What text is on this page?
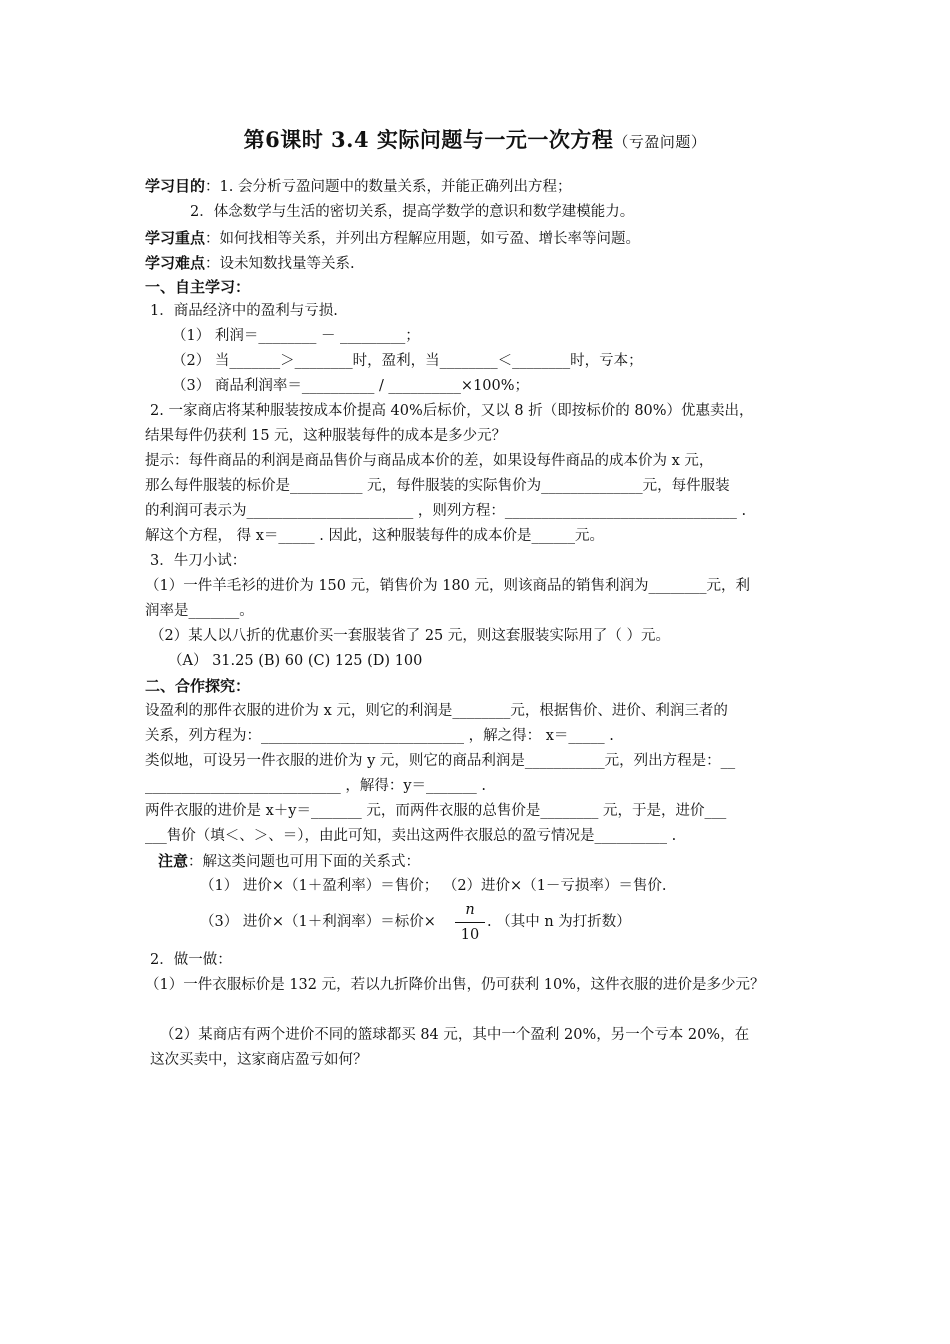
第6课时 3.4 实际问题与一元一次方程（亏盈问题）
学习目的：1. 会分析亏盈问题中的数量关系，并能正确列出方程；
2．体念数学与生活的密切关系，提高学数学的意识和数学建模能力。
学习重点：如何找相等关系，并列出方程解应用题，如亏盈、增长率等问题。
学习难点：设未知数找量等关系.
一、自主学习：
1．商品经济中的盈利与亏损.
（1） 利润＝________ － _________；
（2） 当_______＞________时，盈利，当________＜________时，亏本；
（3） 商品利润率＝__________ / __________×100%；
2. 一家商店将某种服装按成本价提高 40%后标价，又以 8 折（即按标价的 80%）优惠卖出，
结果每件仍获利 15 元，这种服装每件的成本是多少元？
提示：每件商品的利润是商品售价与商品成本价的差，如果设每件商品的成本价为 x 元，
那么每件服装的标价是__________ 元，每件服装的实际售价为______________元，每件服装
的利润可表示为_______________________ ，则列方程：________________________________ .
解这个方程， 得 x＝_____ . 因此，这种服装每件的成本价是______元。
3．牛刀小试：
（1）一件羊毛衫的进价为 150 元，销售价为 180 元，则该商品的销售利润为________元，利
润率是_______。
（2）某人以八折的优惠价买一套服装省了 25 元，则这套服装实际用了（ ）元。
（A） 31.25 (B) 60 (C) 125 (D) 100
二、合作探究：
设盈利的那件衣服的进价为 x 元，则它的利润是________元，根据售价、进价、利润三者的
关系，列方程为：____________________________ ，解之得： x＝_____ .
类似地，可设另一件衣服的进价为 y 元，则它的商品利润是___________元，列出方程是：__
___________________________ ，解得：y＝_______ .
两件衣服的进价是 x＋y＝_______ 元，而两件衣服的总售价是________ 元，于是，进价___
___售价（填＜、＞、＝），由此可知，卖出这两件衣服总的盈亏情况是__________ .
注意：解这类问题也可用下面的关系式：
（1） 进价×（1＋盈利率）＝售价； （2）进价×（1－亏损率）＝售价.
（3） 进价×（1＋利润率）＝标价×
n
10
. （其中 n 为打折数）
2．做一做：
（1）一件衣服标价是 132 元，若以九折降价出售，仍可获利 10%，这件衣服的进价是多少元？
（2）某商店有两个进价不同的篮球都买 84 元，其中一个盈利 20%，另一个亏本 20%，在
这次买卖中，这家商店盈亏如何？
